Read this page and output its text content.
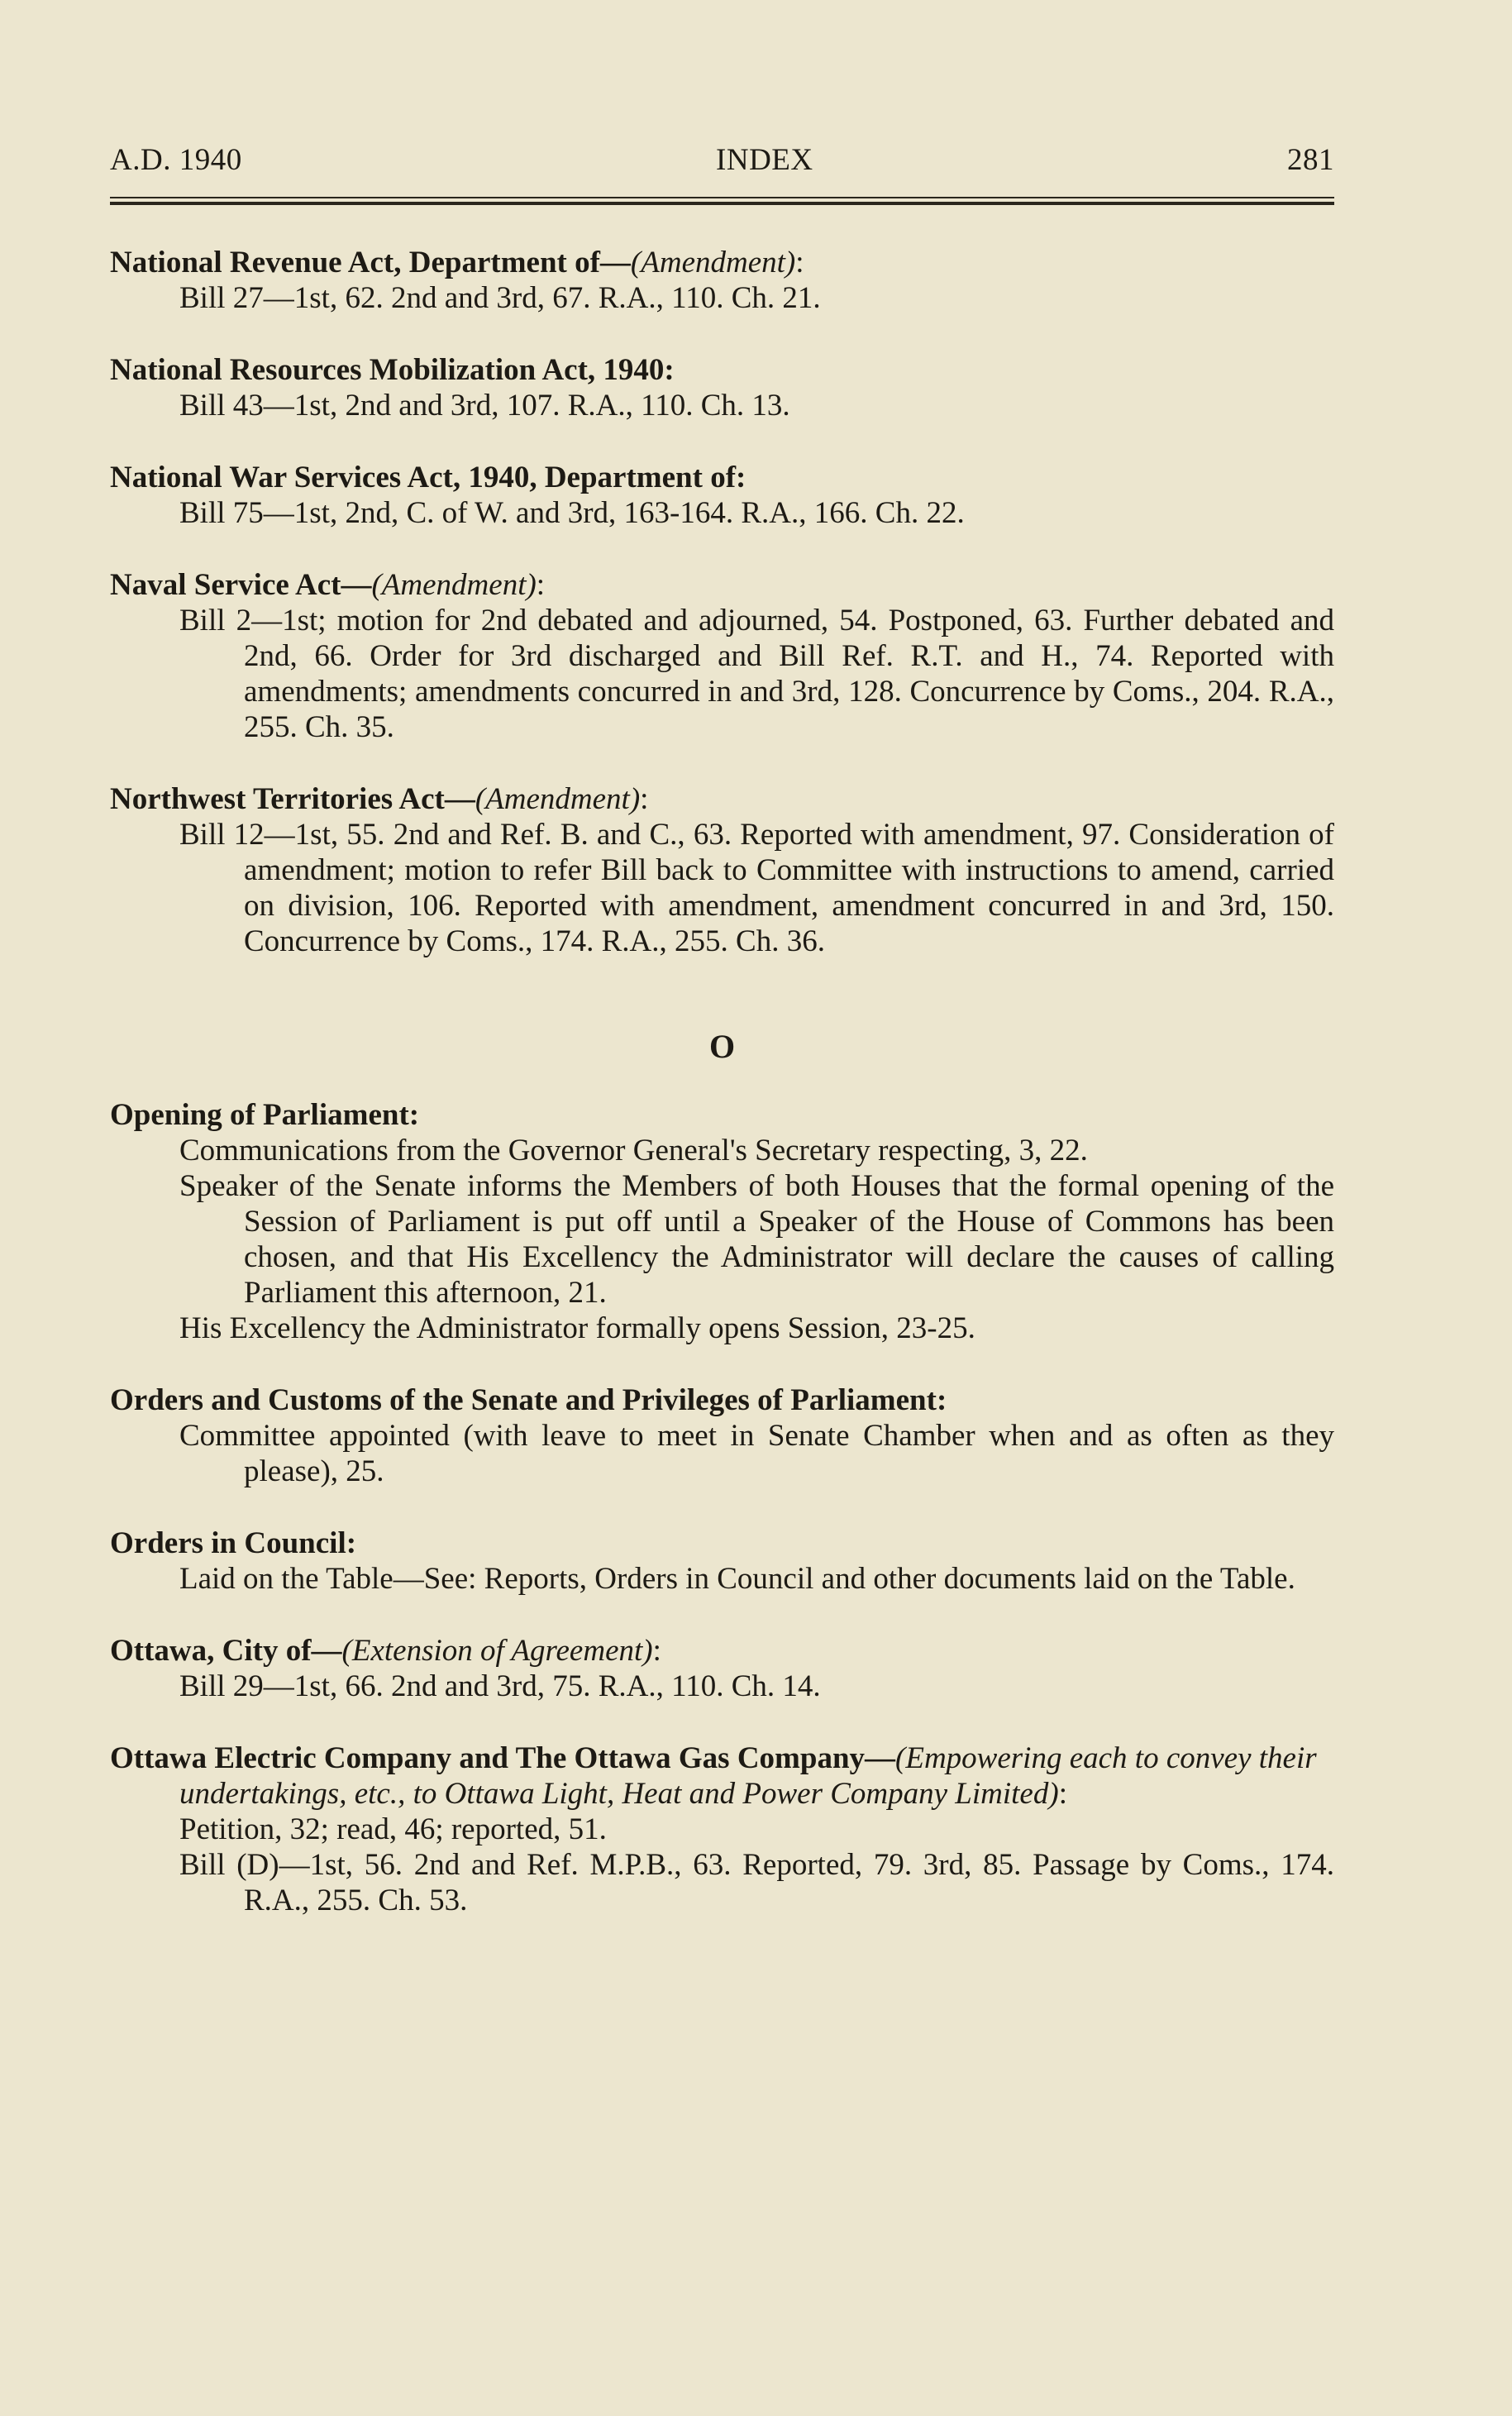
A.D. 1940	INDEX	281
National Revenue Act, Department of—(Amendment):
Bill 27—1st, 62. 2nd and 3rd, 67. R.A., 110. Ch. 21.
National Resources Mobilization Act, 1940:
Bill 43—1st, 2nd and 3rd, 107. R.A., 110. Ch. 13.
National War Services Act, 1940, Department of:
Bill 75—1st, 2nd, C. of W. and 3rd, 163-164. R.A., 166. Ch. 22.
Naval Service Act—(Amendment):
Bill 2—1st; motion for 2nd debated and adjourned, 54. Postponed, 63. Further debated and 2nd, 66. Order for 3rd discharged and Bill Ref. R.T. and H., 74. Reported with amendments; amendments concurred in and 3rd, 128. Concurrence by Coms., 204. R.A., 255. Ch. 35.
Northwest Territories Act—(Amendment):
Bill 12—1st, 55. 2nd and Ref. B. and C., 63. Reported with amendment, 97. Consideration of amendment; motion to refer Bill back to Committee with instructions to amend, carried on division, 106. Reported with amendment, amendment concurred in and 3rd, 150. Concurrence by Coms., 174. R.A., 255. Ch. 36.
O
Opening of Parliament:
Communications from the Governor General's Secretary respecting, 3, 22.
Speaker of the Senate informs the Members of both Houses that the formal opening of the Session of Parliament is put off until a Speaker of the House of Commons has been chosen, and that His Excellency the Administrator will declare the causes of calling Parliament this afternoon, 21.
His Excellency the Administrator formally opens Session, 23-25.
Orders and Customs of the Senate and Privileges of Parliament:
Committee appointed (with leave to meet in Senate Chamber when and as often as they please), 25.
Orders in Council:
Laid on the Table—See: Reports, Orders in Council and other documents laid on the Table.
Ottawa, City of—(Extension of Agreement):
Bill 29—1st, 66. 2nd and 3rd, 75. R.A., 110. Ch. 14.
Ottawa Electric Company and The Ottawa Gas Company—(Empowering each to convey their undertakings, etc., to Ottawa Light, Heat and Power Company Limited):
Petition, 32; read, 46; reported, 51.
Bill (D)—1st, 56. 2nd and Ref. M.P.B., 63. Reported, 79. 3rd, 85. Passage by Coms., 174. R.A., 255. Ch. 53.
